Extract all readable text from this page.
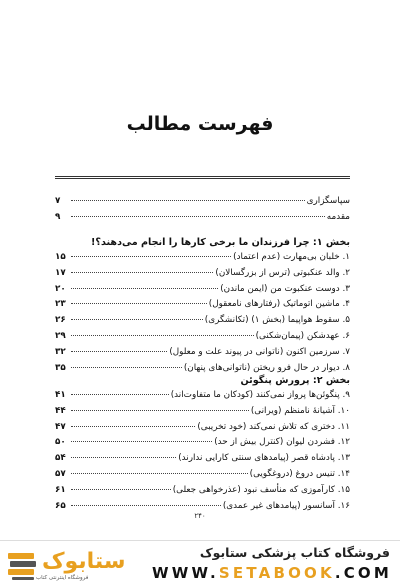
فهرست مطالب
سپاسگزاری
۷
مقدمه
۹
بخش ۱: چرا فرزندان ما برخی کارها را انجام می‌دهند؟!
۱. خلبان بی‌مهارت (عدم اعتماد)
۱۵
۲. والد عنکبوتی (ترس از بزرگسالان)
۱۷
۳. دوست عنکبوت من (ایمن ماندن)
۲۰
۴. ماشین اتوماتیک (رفتارهای نامعقول)
۲۳
۵. سقوط هواپیما (بخش ۱) (تکانشگری)
۲۶
۶. عهدشکن (پیمان‌شکنی)
۲۹
۷. سرزمین اکنون (ناتوانی در پیوند علت و معلول)
۳۲
۸. دیوار در حال فرو ریختن (ناتوانی‌های پنهان)
۳۵
بخش ۲: پرورش پنگوئن
۹. پنگوئن‌ها پرواز نمی‌کنند (کودکان ما متفاوت‌اند)
۴۱
۱۰. آشیانهٔ نامنظم (ویرانی)
۴۴
۱۱. دختری که تلاش نمی‌کند (خود تخریبی)
۴۷
۱۲. فشردن لیوان (کنترل بیش از حد)
۵۰
۱۳. پادشاه قصر (پیامدهای سنتی کارایی ندارند)
۵۴
۱۴. تنیس دروغ (دروغگویی)
۵۷
۱۵. کارآموزی که منأسف نبود (عذرخواهی جعلی)
۶۱
۱۶. آسانسور (پیامدهای غیر عمدی)
۶۵
۲۴۰
ستابوک
فروشگاه اینترنتی کتاب
فروشگاه کتاب پزشکی ستابوک
WWW.SETABOOK.COM
